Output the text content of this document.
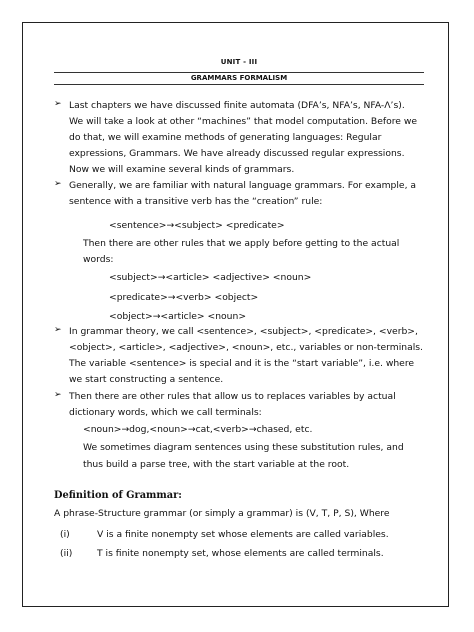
UNIT - III
GRAMMARS FORMALISM
➢ Last chapters we have discussed finite automata (DFA’s, NFA’s, NFA-Λ’s).
We will take a look at other “machines” that model computation. Before we
do that, we will examine methods of generating languages: Regular
expressions, Grammars. We have already discussed regular expressions.
Now we will examine several kinds of grammars.
➢ Generally, we are familiar with natural language grammars. For example, a
sentence with a transitive verb has the “creation” rule:
<sentence>→<subject> <predicate>
Then there are other rules that we apply before getting to the actual
words:
<subject>→<article> <adjective> <noun>
<predicate>→<verb> <object>
<object>→<article> <noun>
➢ In grammar theory, we call <sentence>, <subject>, <predicate>, <verb>,
<object>, <article>, <adjective>, <noun>, etc., variables or non-terminals.
The variable <sentence> is special and it is the “start variable”, i.e. where
we start constructing a sentence.
➢ Then there are other rules that allow us to replaces variables by actual
dictionary words, which we call terminals:
<noun>→dog,<noun>→cat,<verb>→chased, etc.
We sometimes diagram sentences using these substitution rules, and
thus build a parse tree, with the start variable at the root.
Definition of Grammar:
A phrase-Structure grammar (or simply a grammar) is (V, T, P, S), Where
(i)	V is a finite nonempty set whose elements are called variables.
(ii)	T is finite nonempty set, whose elements are called terminals.
